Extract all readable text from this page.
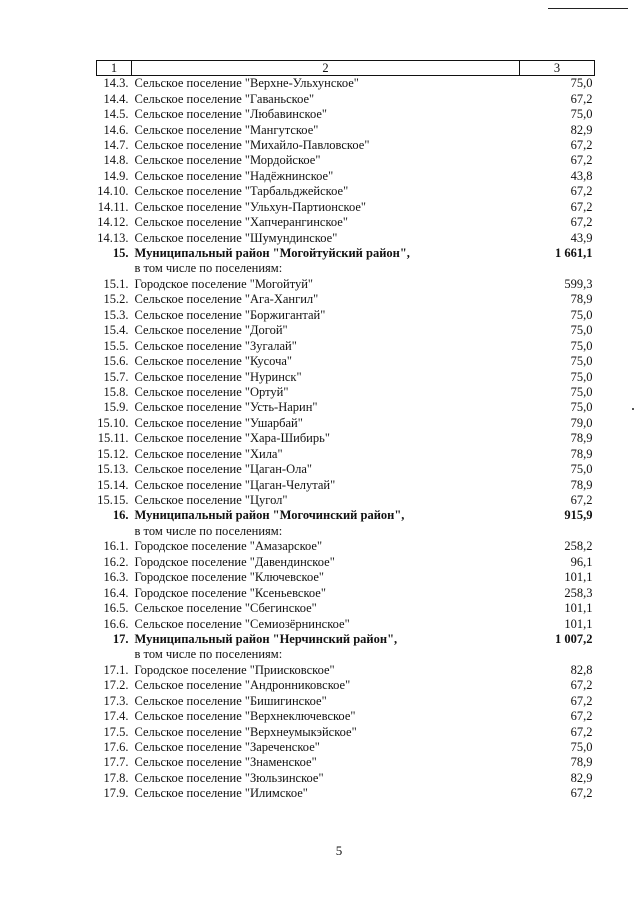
1	2	3
14.3.	Сельское поселение "Верхне-Ульхунское"	75,0
14.4.	Сельское поселение "Гаваньское"	67,2
14.5.	Сельское поселение "Любавинское"	75,0
14.6.	Сельское поселение "Мангутское"	82,9
14.7.	Сельское поселение "Михайло-Павловское"	67,2
14.8.	Сельское поселение "Мордойское"	67,2
14.9.	Сельское поселение "Надёжнинское"	43,8
14.10.	Сельское поселение "Тарбальджейское"	67,2
14.11.	Сельское поселение "Ульхун-Партионское"	67,2
14.12.	Сельское поселение "Хапчерангинское"	67,2
14.13.	Сельское поселение "Шумундинское"	43,9
15.	Муниципальный район "Могойтуйский район",	1 661,1
	в том числе по поселениям:	
15.1.	Городское поселение "Могойтуй"	599,3
15.2.	Сельское поселение "Ага-Хангил"	78,9
15.3.	Сельское поселение "Боржигантай"	75,0
15.4.	Сельское поселение "Догой"	75,0
15.5.	Сельское поселение "Зугалай"	75,0
15.6.	Сельское поселение "Кусоча"	75,0
15.7.	Сельское поселение "Нуринск"	75,0
15.8.	Сельское поселение "Ортуй"	75,0
15.9.	Сельское поселение "Усть-Нарин"	75,0
15.10.	Сельское поселение "Ушарбай"	79,0
15.11.	Сельское поселение "Хара-Шибирь"	78,9
15.12.	Сельское поселение "Хила"	78,9
15.13.	Сельское поселение "Цаган-Ола"	75,0
15.14.	Сельское поселение "Цаган-Челутай"	78,9
15.15.	Сельское поселение "Цугол"	67,2
16.	Муниципальный район "Могочинский район",	915,9
	в том числе по поселениям:	
16.1.	Городское поселение "Амазарское"	258,2
16.2.	Городское поселение "Давендинское"	96,1
16.3.	Городское поселение "Ключевское"	101,1
16.4.	Городское поселение "Ксеньевское"	258,3
16.5.	Сельское поселение "Сбегинское"	101,1
16.6.	Сельское поселение "Семиозёрнинское"	101,1
17.	Муниципальный район "Нерчинский район",	1 007,2
	в том числе по поселениям:	
17.1.	Городское поселение "Приисковское"	82,8
17.2.	Сельское поселение "Андронниковское"	67,2
17.3.	Сельское поселение "Бишигинское"	67,2
17.4.	Сельское поселение "Верхнеключевское"	67,2
17.5.	Сельское поселение "Верхнеумыкэйское"	67,2
17.6.	Сельское поселение "Зареченское"	75,0
17.7.	Сельское поселение "Знаменское"	78,9
17.8.	Сельское поселение "Зюльзинское"	82,9
17.9.	Сельское поселение "Илимское"	67,2
5
